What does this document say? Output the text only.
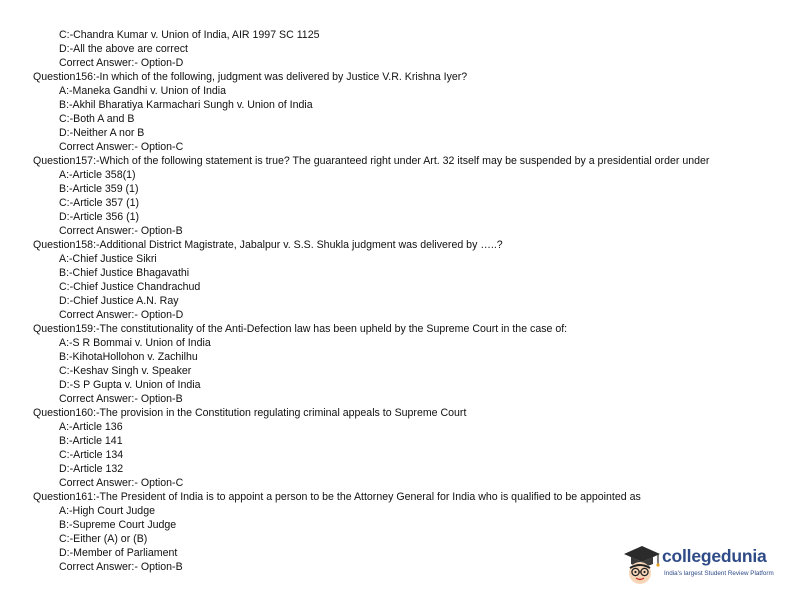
C:-Chandra Kumar v. Union of India, AIR 1997 SC 1125
D:-All the above are correct
Correct Answer:- Option-D
Question156:-In which of the following, judgment was delivered by Justice V.R. Krishna Iyer?
A:-Maneka Gandhi v. Union of India
B:-Akhil Bharatiya Karmachari Sungh v. Union of India
C:-Both A and B
D:-Neither A nor B
Correct Answer:- Option-C
Question157:-Which of the following statement is true? The guaranteed right under Art. 32 itself may be suspended by a presidential order under
A:-Article 358(1)
B:-Article 359 (1)
C:-Article 357 (1)
D:-Article 356 (1)
Correct Answer:- Option-B
Question158:-Additional District Magistrate, Jabalpur v. S.S. Shukla judgment was delivered by …..?
A:-Chief Justice Sikri
B:-Chief Justice Bhagavathi
C:-Chief Justice Chandrachud
D:-Chief Justice A.N. Ray
Correct Answer:- Option-D
Question159:-The constitutionality of the Anti-Defection law has been upheld by the Supreme Court in the case of:
A:-S R Bommai v. Union of India
B:-KihotaHollohon v. Zachilhu
C:-Keshav Singh v. Speaker
D:-S P Gupta v. Union of India
Correct Answer:- Option-B
Question160:-The provision in the Constitution regulating criminal appeals to Supreme Court
A:-Article 136
B:-Article 141
C:-Article 134
D:-Article 132
Correct Answer:- Option-C
Question161:-The President of India is to appoint a person to be the Attorney General for India who is qualified to be appointed as
A:-High Court Judge
B:-Supreme Court Judge
C:-Either (A) or (B)
D:-Member of Parliament
Correct Answer:- Option-B
collegedunia
India's largest Student Review Platform
